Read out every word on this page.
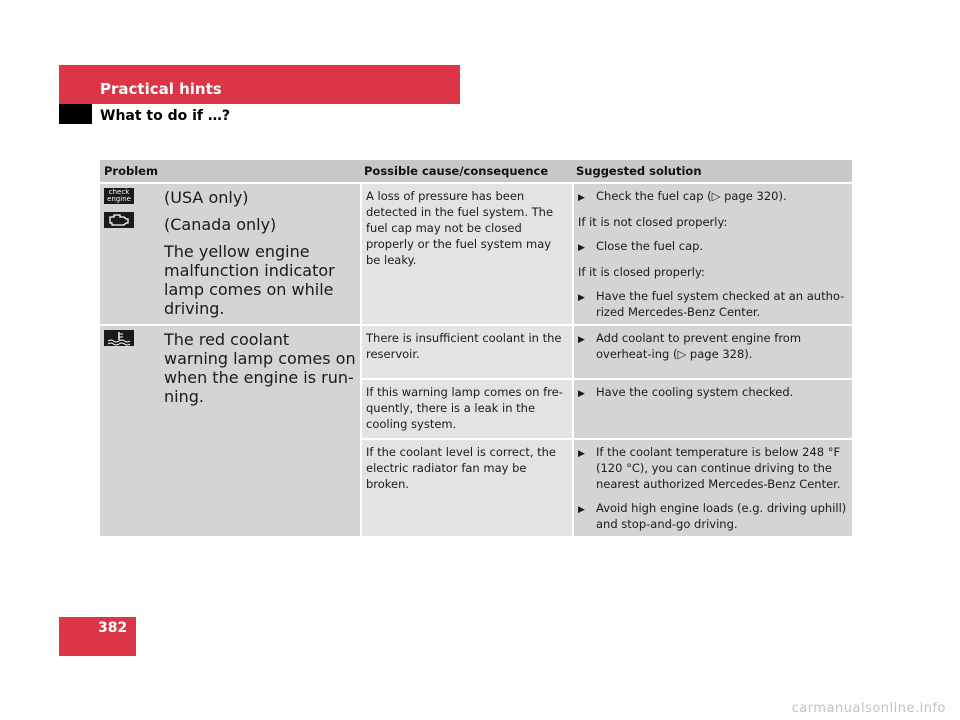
Practical hints
What to do if …?
Problem	Possible cause/consequence	Suggested solution
check
engine (USA only)

(Canada only)

The yellow engine malfunction indicator lamp comes on while driving.

A loss of pressure has been detected in the fuel system. The fuel cap may not be closed properly or the fuel system may be leaky.
▶ Check the fuel cap (▷ page 320).

If it is not closed properly:

▶ Close the fuel cap.

If it is closed properly:

▶ Have the fuel system checked at an autho-rized Mercedes-Benz Center.
The red coolant warning lamp comes on when the engine is run-ning.
There is insufficient coolant in the reservoir.
▶ Add coolant to prevent engine from overheat-ing (▷ page 328).
If this warning lamp comes on fre-quently, there is a leak in the cooling system.
▶ Have the cooling system checked.
If the coolant level is correct, the electric radiator fan may be broken.
▶ If the coolant temperature is below 248 °F (120 °C), you can continue driving to the nearest authorized Mercedes-Benz Center.
▶ Avoid high engine loads (e.g. driving uphill) and stop-and-go driving.
382
carmanualsonline.info
